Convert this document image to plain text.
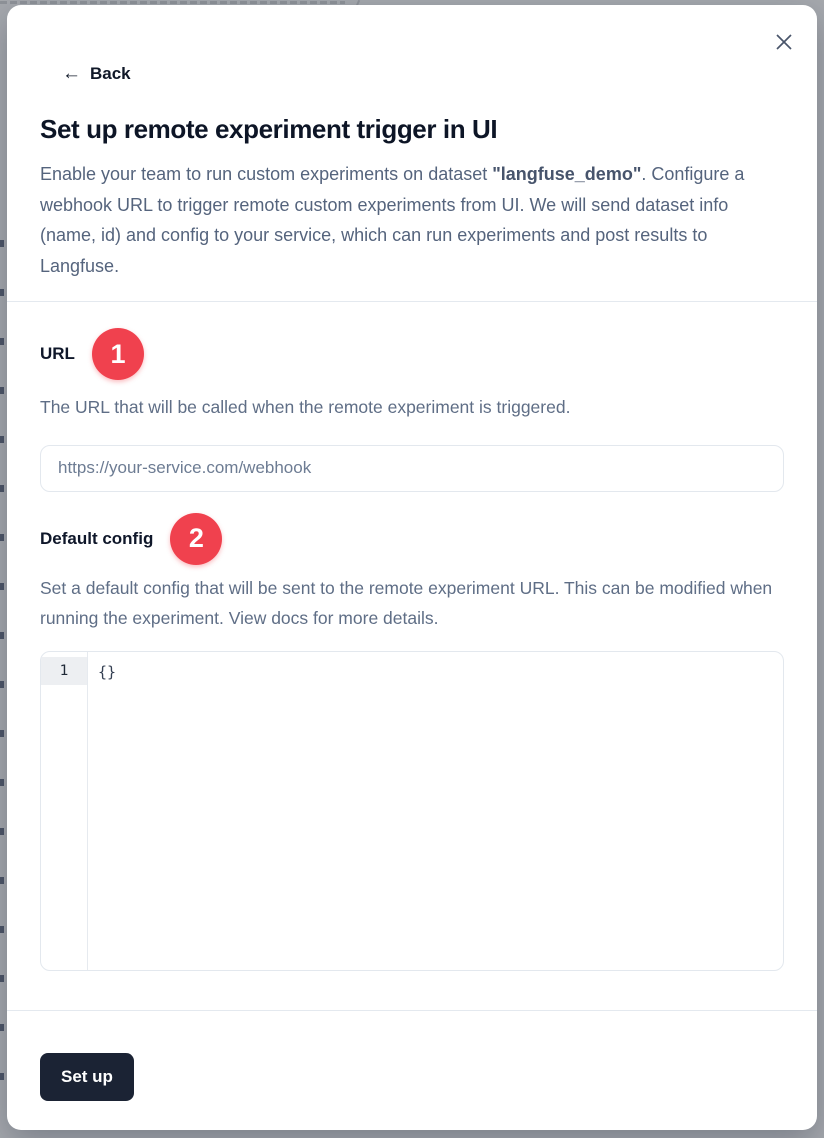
← Back
Set up remote experiment trigger in UI

Enable your team to run custom experiments on dataset "langfuse_demo". Configure a webhook URL to trigger remote custom experiments from UI. We will send dataset info (name, id) and config to your service, which can run experiments and post results to Langfuse.

URL	1

The URL that will be called when the remote experiment is triggered.

https://your-service.com/webhook
Default config	2

Set a default config that will be sent to the remote experiment URL. This can be modified when running the experiment. View docs for more details.

1	{}
Set up
